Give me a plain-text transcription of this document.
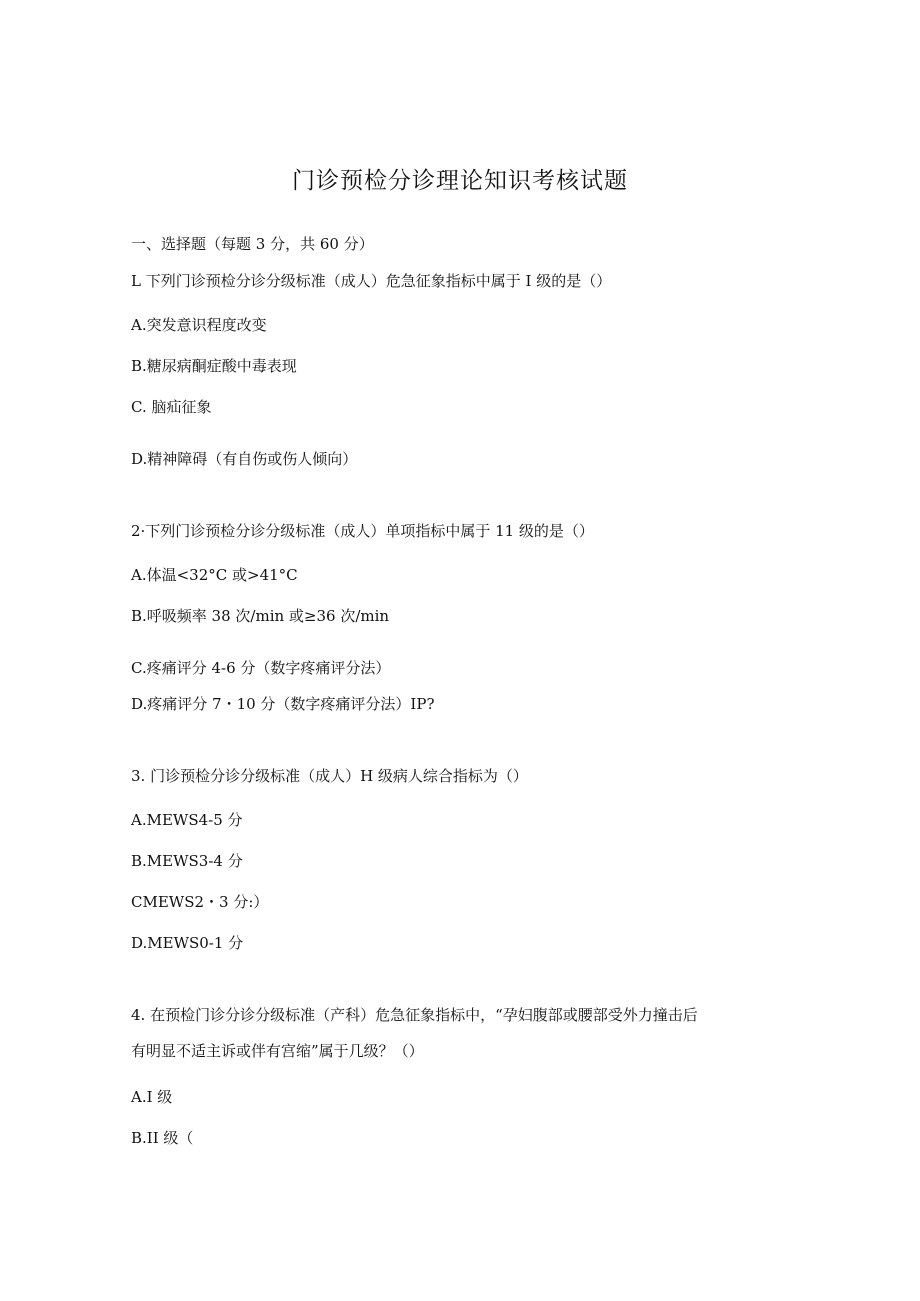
门诊预检分诊理论知识考核试题
一、选择题（每题 3 分，共 60 分）
L 下列门诊预检分诊分级标准（成人）危急征象指标中属于 I 级的是（）
A.突发意识程度改变
B.糖尿病酮症酸中毒表现
C. 脑疝征象
D.精神障碍（有自伤或伤人倾向）
2·下列门诊预检分诊分级标准（成人）单项指标中属于 11 级的是（）
A.体温<32°C 或>41°C
B.呼吸频率 38 次/min 或≥36 次/min
C.疼痛评分 4-6 分（数字疼痛评分法）
D.疼痛评分 7・10 分（数字疼痛评分法）IP?
3. 门诊预检分诊分级标准（成人）H 级病人综合指标为（）
A.MEWS4-5 分
B.MEWS3-4 分
CMEWS2・3 分:）
D.MEWS0-1 分
4. 在预检门诊分诊分级标准（产科）危急征象指标中，“孕妇腹部或腰部受外力撞击后
有明显不适主诉或伴有宫缩”属于几级？（）
A.I 级
B.II 级（
